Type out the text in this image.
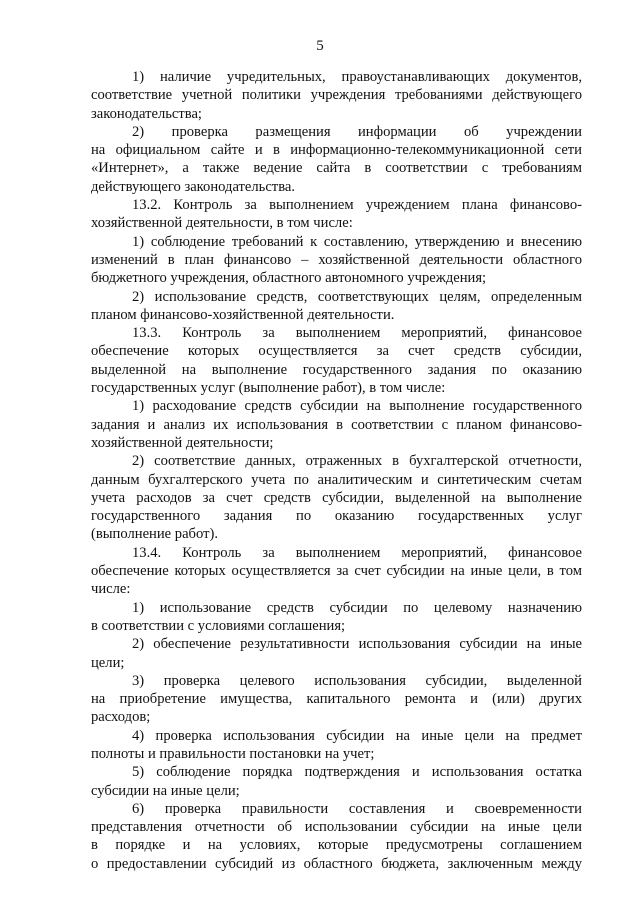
5
1) наличие учредительных, правоустанавливающих документов,
соответствие учетной политики учреждения требованиями действующего
законодательства;
2) проверка размещения информации об учреждении
на официальном сайте и в информационно-телекоммуникационной сети
«Интернет», а также ведение сайта в соответствии с требованиям
действующего законодательства.
13.2. Контроль за выполнением учреждением плана финансово-
хозяйственной деятельности, в том числе:
1) соблюдение требований к составлению, утверждению и внесению
изменений в план финансово – хозяйственной деятельности областного
бюджетного учреждения, областного автономного учреждения;
2) использование средств, соответствующих целям, определенным
планом финансово-хозяйственной деятельности.
13.3. Контроль за выполнением мероприятий, финансовое
обеспечение которых осуществляется за счет средств субсидии,
выделенной на выполнение государственного задания по оказанию
государственных услуг (выполнение работ), в том числе:
1) расходование средств субсидии на выполнение государственного
задания и анализ их использования в соответствии с планом финансово-
хозяйственной деятельности;
2) соответствие данных, отраженных в бухгалтерской отчетности,
данным бухгалтерского учета по аналитическим и синтетическим счетам
учета расходов за счет средств субсидии, выделенной на выполнение
государственного задания по оказанию государственных услуг
(выполнение работ).
13.4. Контроль за выполнением мероприятий, финансовое
обеспечение которых осуществляется за счет субсидии на иные цели, в том
числе:
1) использование средств субсидии по целевому назначению
в соответствии с условиями соглашения;
2) обеспечение результативности использования субсидии на иные
цели;
3) проверка целевого использования субсидии, выделенной
на приобретение имущества, капитального ремонта и (или) других
расходов;
4) проверка использования субсидии на иные цели на предмет
полноты и правильности постановки на учет;
5) соблюдение порядка подтверждения и использования остатка
субсидии на иные цели;
6) проверка правильности составления и своевременности
представления отчетности об использовании субсидии на иные цели
в порядке и на условиях, которые предусмотрены соглашением
о предоставлении субсидий из областного бюджета, заключенным между
